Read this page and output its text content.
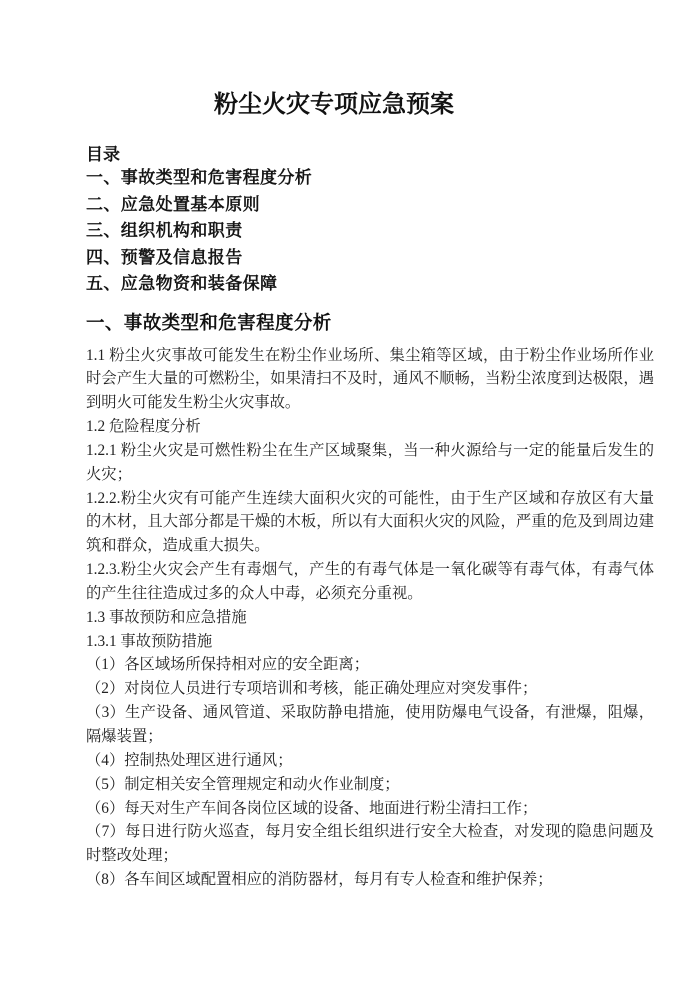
粉尘火灾专项应急预案
目录
一、事故类型和危害程度分析
二、应急处置基本原则
三、组织机构和职责
四、预警及信息报告
五、应急物资和装备保障
一、事故类型和危害程度分析

1.1 粉尘火灾事故可能发生在粉尘作业场所、集尘箱等区域，由于粉尘作业场所作业时会产生大量的可燃粉尘，如果清扫不及时，通风不顺畅，当粉尘浓度到达极限，遇到明火可能发生粉尘火灾事故。

1.2 危险程度分析

1.2.1 粉尘火灾是可燃性粉尘在生产区域聚集，当一种火源给与一定的能量后发生的火灾；

1.2.2.粉尘火灾有可能产生连续大面积火灾的可能性，由于生产区域和存放区有大量的木材，且大部分都是干燥的木板，所以有大面积火灾的风险，严重的危及到周边建筑和群众，造成重大损失。

1.2.3.粉尘火灾会产生有毒烟气，产生的有毒气体是一氧化碳等有毒气体，有毒气体的产生往往造成过多的众人中毒，必须充分重视。

1.3 事故预防和应急措施

1.3.1 事故预防措施

（1）各区域场所保持相对应的安全距离；

（2）对岗位人员进行专项培训和考核，能正确处理应对突发事件；

（3）生产设备、通风管道、采取防静电措施，使用防爆电气设备，有泄爆，阻爆，隔爆装置；

（4）控制热处理区进行通风；

（5）制定相关安全管理规定和动火作业制度；

（6）每天对生产车间各岗位区域的设备、地面进行粉尘清扫工作；

（7）每日进行防火巡查，每月安全组长组织进行安全大检查，对发现的隐患问题及时整改处理；

（8）各车间区域配置相应的消防器材，每月有专人检查和维护保养；
